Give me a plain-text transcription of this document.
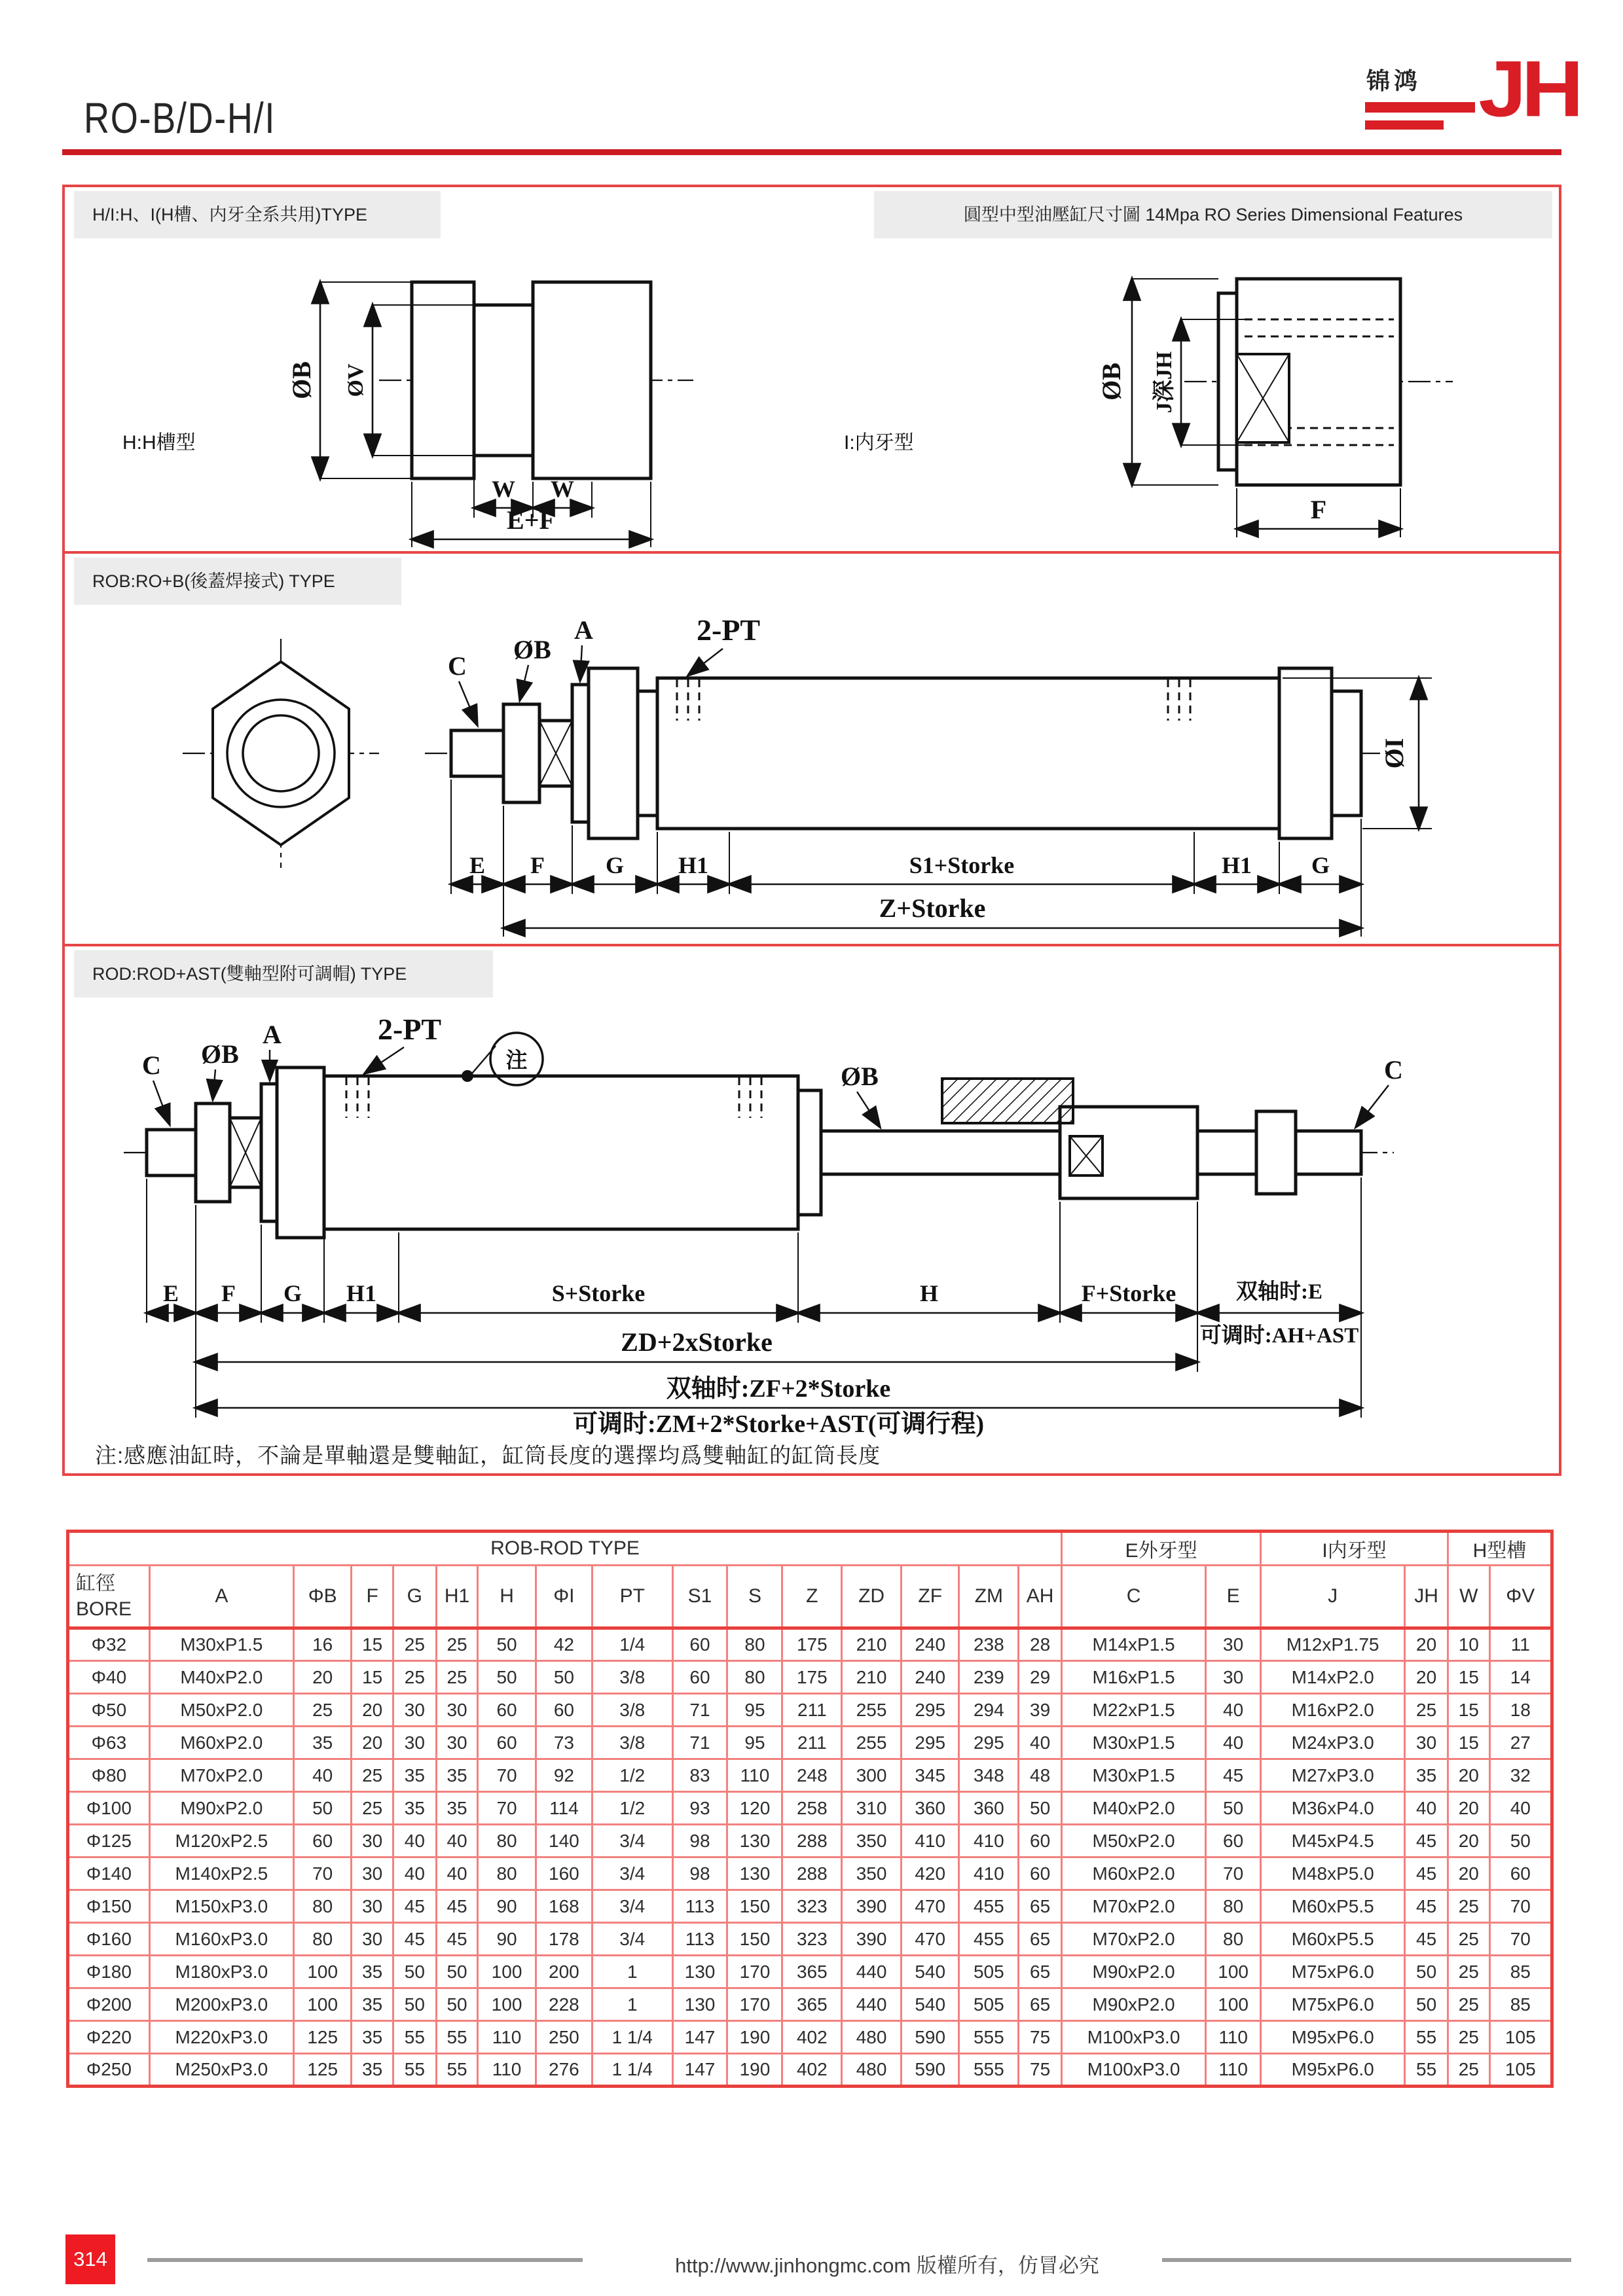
RO-B/D-H/I
锦鸿 JH
H/I:H、I(H槽、内牙全系共用)TYPE	圓型中型油壓缸尺寸圖 14Mpa RO Series Dimensional Features
H:H槽型
ØB ØV
W W
E+F
I:内牙型
ØB J深JH
F
ROB:RO+B(後蓋焊接式) TYPE
C
ØB
A	2-PT
ØI
E F	G H1	S1+Storke	H1	G
Z+Storke
ROD:ROD+AST(雙軸型附可調帽) TYPE
C ØB
A	2-PT
注
ØB	C
E F G H1	S+Storke	H	F+Storke	双轴时:E
可调时:AH+AST
ZD+2xStorke
双轴时:ZF+2*Storke
可调时:ZM+2*Storke+AST(可调行程)
注:感應油缸時，不論是單軸還是雙軸缸，缸筒長度的選擇均爲雙軸缸的缸筒長度
ROB-ROD TYPE																E外牙型		I内牙型		H型槽	

缸徑
BORE	A	ΦB	F	G	H1	H	ΦI	PT	S1	S	Z	ZD	ZF	ZM	AH	C	E	J	JH	W	ΦV
Φ32	M30xP1.5	16	15	25	25	50	42	1/4	60	80	175	210	240	238	28	M14xP1.5	30	M12xP1.75	20	10	11
Φ40	M40xP2.0	20	15	25	25	50	50	3/8	60	80	175	210	240	239	29	M16xP1.5	30	M14xP2.0	20	15	14
Φ50	M50xP2.0	25	20	30	30	60	60	3/8	71	95	211	255	295	294	39	M22xP1.5	40	M16xP2.0	25	15	18
Φ63	M60xP2.0	35	20	30	30	60	73	3/8	71	95	211	255	295	295	40	M30xP1.5	40	M24xP3.0	30	15	27
Φ80	M70xP2.0	40	25	35	35	70	92	1/2	83	110	248	300	345	348	48	M30xP1.5	45	M27xP3.0	35	20	32
Φ100	M90xP2.0	50	25	35	35	70	114	1/2	93	120	258	310	360	360	50	M40xP2.0	50	M36xP4.0	40	20	40
Φ125	M120xP2.5	60	30	40	40	80	140	3/4	98	130	288	350	410	410	60	M50xP2.0	60	M45xP4.5	45	20	50
Φ140	M140xP2.5	70	30	40	40	80	160	3/4	98	130	288	350	420	410	60	M60xP2.0	70	M48xP5.0	45	20	60
Φ150	M150xP3.0	80	30	45	45	90	168	3/4	113	150	323	390	470	455	65	M70xP2.0	80	M60xP5.5	45	25	70
Φ160	M160xP3.0	80	30	45	45	90	178	3/4	113	150	323	390	470	455	65	M70xP2.0	80	M60xP5.5	45	25	70
Φ180	M180xP3.0	100	35	50	50	100	200	1	130	170	365	440	540	505	65	M90xP2.0	100	M75xP6.0	50	25	85
Φ200	M200xP3.0	100	35	50	50	100	228	1	130	170	365	440	540	505	65	M90xP2.0	100	M75xP6.0	50	25	85
Φ220	M220xP3.0	125	35	55	55	110	250	1 1/4	147	190	402	480	590	555	75	M100xP3.0	110	M95xP6.0	55	25	105
Φ250	M250xP3.0	125	35	55	55	110	276	1 1/4	147	190	402	480	590	555	75	M100xP3.0	110	M95xP6.0	55	25	105
314	http://www.jinhongmc.com 版權所有，仿冒必究
